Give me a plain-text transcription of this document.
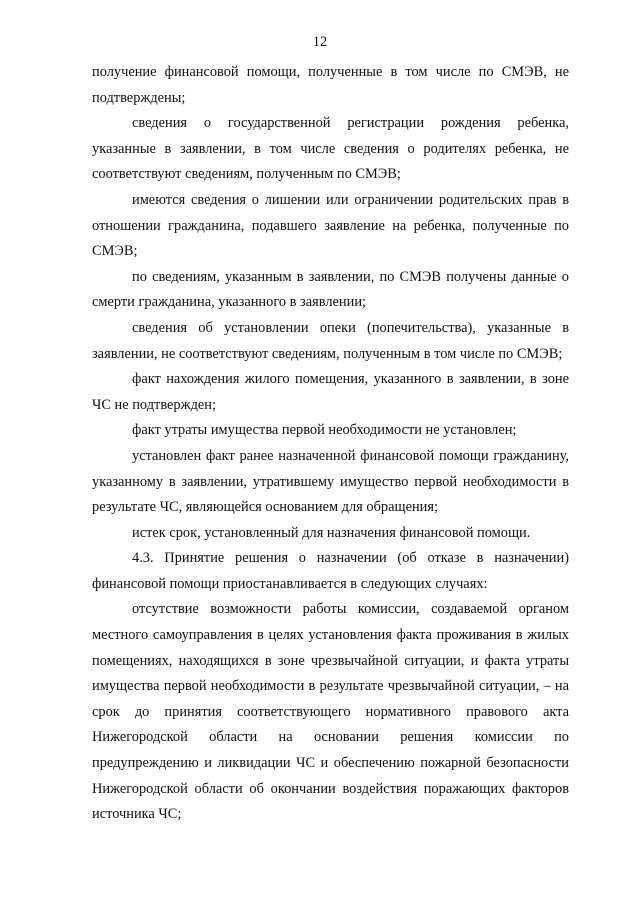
12

получение финансовой помощи, полученные в том числе по СМЭВ, не подтверждены;

сведения о государственной регистрации рождения ребенка, указанные в заявлении, в том числе сведения о родителях ребенка, не соответствуют сведениям, полученным по СМЭВ;

имеются сведения о лишении или ограничении родительских прав в отношении гражданина, подавшего заявление на ребенка, полученные по СМЭВ;

по сведениям, указанным в заявлении, по СМЭВ получены данные о смерти гражданина, указанного в заявлении;

сведения об установлении опеки (попечительства), указанные в заявлении, не соответствуют сведениям, полученным в том числе по СМЭВ;

факт нахождения жилого помещения, указанного в заявлении, в зоне ЧС не подтвержден;

факт утраты имущества первой необходимости не установлен;

установлен факт ранее назначенной финансовой помощи гражданину, указанному в заявлении, утратившему имущество первой необходимости в результате ЧС, являющейся основанием для обращения;

истек срок, установленный для назначения финансовой помощи.

4.3. Принятие решения о назначении (об отказе в назначении) финансовой помощи приостанавливается в следующих случаях:

отсутствие возможности работы комиссии, создаваемой органом местного самоуправления в целях установления факта проживания в жилых помещениях, находящихся в зоне чрезвычайной ситуации, и факта утраты имущества первой необходимости в результате чрезвычайной ситуации, – на срок до принятия соответствующего нормативного правового акта Нижегородской области на основании решения комиссии по предупреждению и ликвидации ЧС и обеспечению пожарной безопасности Нижегородской области об окончании воздействия поражающих факторов источника ЧС;
